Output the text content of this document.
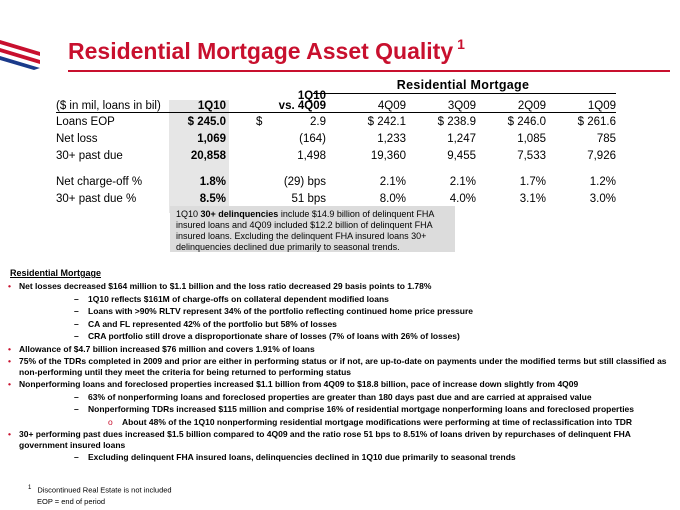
Residential Mortgage Asset Quality $^1$
Residential Mortgage
1Q10
($ in mil, loans in bil)	1Q10	vs. 4Q09	4Q09	3Q09	2Q09	1Q09
Loans EOP	$ 245.0	$	2.9	$ 242.1	$ 238.9	$ 246.0	$ 261.6
Net loss	1,069	(164)	1,233	1,247	1,085	785
30+ past due	20,858	1,498	19,360	9,455	7,533	7,926
Net charge-off %	1.8%	(29) bps	2.1%	2.1%	1.7%	1.2%
30+ past due %	8.5%	51 bps	8.0%	4.0%	3.1%	3.0%
1Q10 30+ delinquencies include $14.9 billion of delinquent FHA insured loans and 4Q09 included $12.2 billion of delinquent FHA insured loans. Excluding the delinquent FHA insured loans 30+ delinquencies declined due primarily to seasonal trends.
Residential Mortgage
• Net losses decreased $164 million to $1.1 billion and the loss ratio decreased 29 basis points to 1.78%
– 1Q10 reflects $161M of charge-offs on collateral dependent modified loans
– Loans with >90% RLTV represent 34% of the portfolio reflecting continued home price pressure
– CA and FL represented 42% of the portfolio but 58% of losses
– CRA portfolio still drove a disproportionate share of losses (7% of loans with 26% of losses)
• Allowance of $4.7 billion increased $76 million and covers 1.91% of loans
• 75% of the TDRs completed in 2009 and prior are either in performing status or if not, are up-to-date on payments under the modified terms but still classified as non-performing until they meet the criteria for being returned to performing status
• Nonperforming loans and foreclosed properties increased $1.1 billion from 4Q09 to $18.8 billion, pace of increase down slightly from 4Q09
– 63% of nonperforming loans and foreclosed properties are greater than 180 days past due and are carried at appraised value
– Nonperforming TDRs increased $115 million and comprise 16% of residential mortgage nonperforming loans and foreclosed properties
o About 48% of the 1Q10 nonperforming residential mortgage modifications were performing at time of reclassification into TDR
• 30+ performing past dues increased $1.5 billion compared to 4Q09 and the ratio rose 51 bps to 8.51% of loans driven by repurchases of delinquent FHA government insured loans
– Excluding delinquent FHA insured loans, delinquencies declined in 1Q10 due primarily to seasonal trends
$^1$ Discontinued Real Estate is not included
EOP = end of period
